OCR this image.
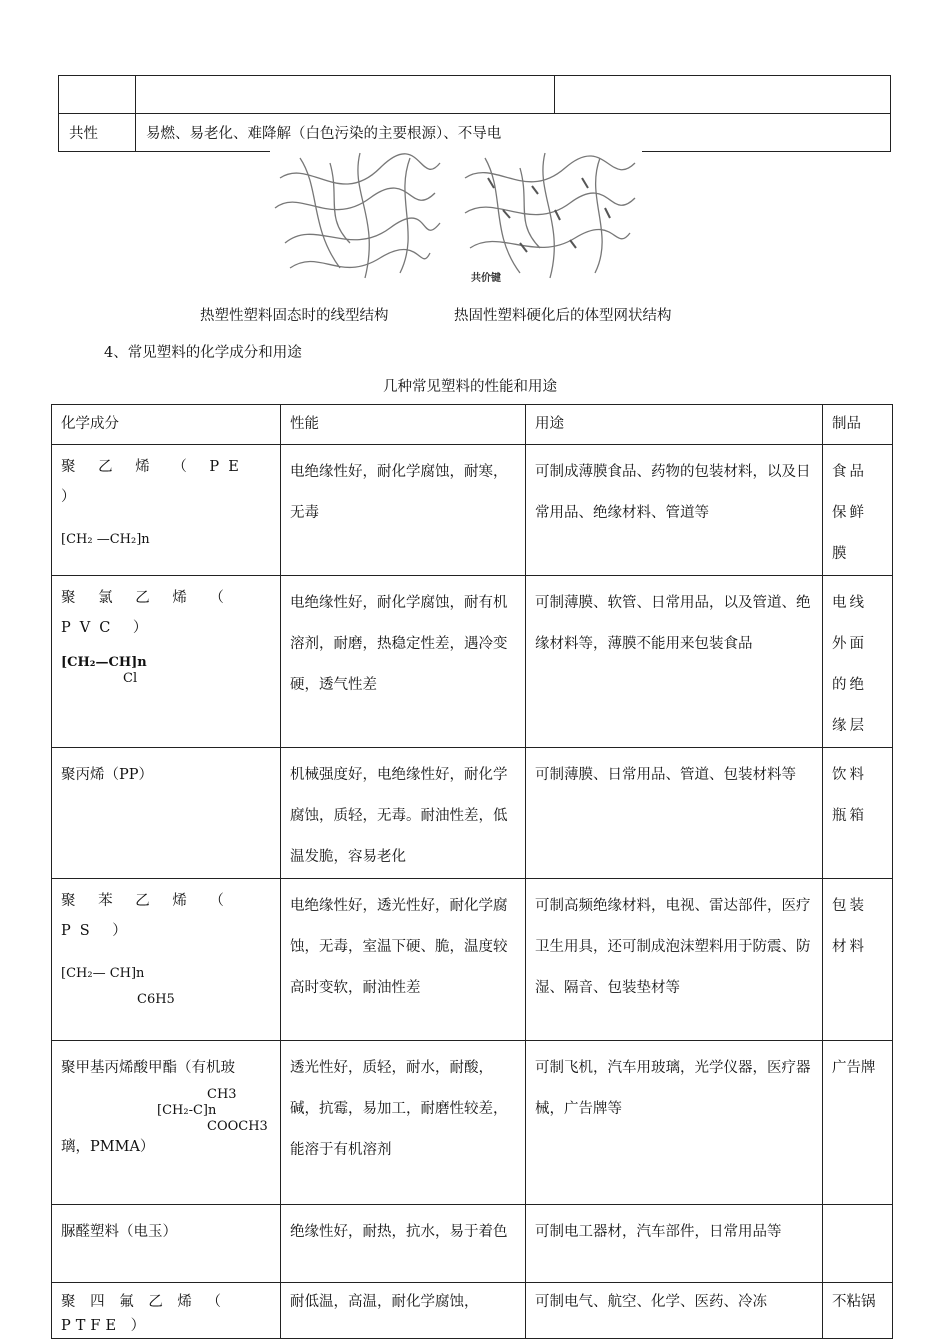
共性	易燃、易老化、难降解（白色污染的主要根源）、不导电	
共价键
热塑性塑料固态时的线型结构	热固性塑料硬化后的体型网状结构
4、常见塑料的化学成分和用途
几种常见塑料的性能和用途
化学成分	性能	用途	制品

聚 乙 烯 （ PE ）
[CH₂ —CH₂]n	电绝缘性好，耐化学腐蚀，耐寒，无毒	可制成薄膜食品、药物的包装材料，以及日常用品、绝缘材料、管道等	食品保鲜膜

聚 氯 乙 烯 （ PVC ）
[CH₂—CH]n
Cl	电绝缘性好，耐化学腐蚀，耐有机溶剂，耐磨，热稳定性差，遇冷变硬，透气性差	可制薄膜、软管、日常用品，以及管道、绝缘材料等，薄膜不能用来包装食品	电线外面的绝缘层
聚丙烯（PP）	机械强度好，电绝缘性好，耐化学腐蚀，质轻，无毒。耐油性差，低温发脆，容易老化	可制薄膜、日常用品、管道、包装材料等	饮料瓶箱

聚 苯 乙 烯 （ PS ）
[CH₂— CH]n
C6H5	电绝缘性好，透光性好，耐化学腐蚀，无毒，室温下硬、脆，温度较高时变软，耐油性差	可制高频绝缘材料，电视、雷达部件，医疗卫生用具，还可制成泡沫塑料用于防震、防湿、隔音、包装垫材等	包装材料

聚甲基丙烯酸甲酯（有机玻
CH3
[CH₂-C]n
COOCH3
璃，PMMA）	透光性好，质轻，耐水，耐酸，碱，抗霉，易加工，耐磨性较差，能溶于有机溶剂	可制飞机，汽车用玻璃，光学仪器，医疗器械，广告牌等	广告牌
脲醛塑料（电玉）	绝缘性好，耐热，抗水，易于着色	可制电工器材，汽车部件，日常用品等	
聚 四 氟 乙 烯 （ PTFE ）	耐低温，高温，耐化学腐蚀，	可制电气、航空、化学、医药、冷冻	不粘锅
